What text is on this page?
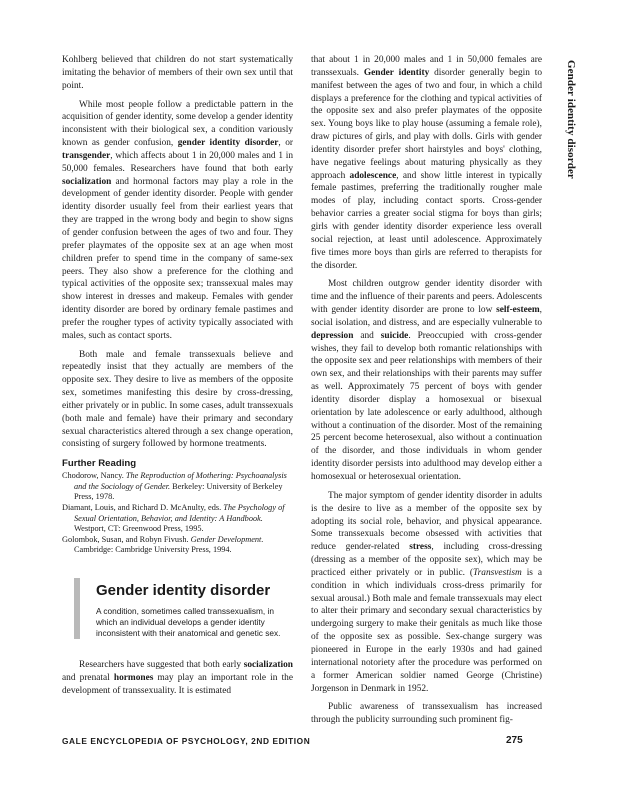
Kohlberg believed that children do not start systematically imitating the behavior of members of their own sex until that point.

While most people follow a predictable pattern in the acquisition of gender identity, some develop a gender identity inconsistent with their biological sex, a condition variously known as gender confusion, gender identity disorder, or transgender, which affects about 1 in 20,000 males and 1 in 50,000 females. Researchers have found that both early socialization and hormonal factors may play a role in the development of gender identity disorder. People with gender identity disorder usually feel from their earliest years that they are trapped in the wrong body and begin to show signs of gender confusion between the ages of two and four. They prefer playmates of the opposite sex at an age when most children prefer to spend time in the company of same-sex peers. They also show a preference for the clothing and typical activities of the opposite sex; transsexual males may show interest in dresses and makeup. Females with gender identity disorder are bored by ordinary female pastimes and prefer the rougher types of activity typically associated with males, such as contact sports.

Both male and female transsexuals believe and repeatedly insist that they actually are members of the opposite sex. They desire to live as members of the opposite sex, sometimes manifesting this desire by cross-dressing, either privately or in public. In some cases, adult transsexuals (both male and female) have their primary and secondary sexual characteristics altered through a sex change operation, consisting of surgery followed by hormone treatments.

Further Reading

Chodorow, Nancy. The Reproduction of Mothering: Psychoanalysis and the Sociology of Gender. Berkeley: University of Berkeley Press, 1978.

Diamant, Louis, and Richard D. McAnulty, eds. The Psychology of Sexual Orientation, Behavior, and Identity: A Handbook. Westport, CT: Greenwood Press, 1995.

Golombok, Susan, and Robyn Fivush. Gender Development. Cambridge: Cambridge University Press, 1994.

Gender identity disorder

A condition, sometimes called transsexualism, in which an individual develops a gender identity inconsistent with their anatomical and genetic sex.

Researchers have suggested that both early socialization and prenatal hormones may play an important role in the development of transsexuality. It is estimated

that about 1 in 20,000 males and 1 in 50,000 females are transsexuals. Gender identity disorder generally begin to manifest between the ages of two and four, in which a child displays a preference for the clothing and typical activities of the opposite sex and also prefer playmates of the opposite sex. Young boys like to play house (assuming a female role), draw pictures of girls, and play with dolls. Girls with gender identity disorder prefer short hairstyles and boys' clothing, have negative feelings about maturing physically as they approach adolescence, and show little interest in typically female pastimes, preferring the traditionally rougher male modes of play, including contact sports. Cross-gender behavior carries a greater social stigma for boys than girls; girls with gender identity disorder experience less overall social rejection, at least until adolescence. Approximately five times more boys than girls are referred to therapists for the disorder.

Most children outgrow gender identity disorder with time and the influence of their parents and peers. Adolescents with gender identity disorder are prone to low self-esteem, social isolation, and distress, and are especially vulnerable to depression and suicide. Preoccupied with cross-gender wishes, they fail to develop both romantic relationships with the opposite sex and peer relationships with members of their own sex, and their relationships with their parents may suffer as well. Approximately 75 percent of boys with gender identity disorder display a homosexual or bisexual orientation by late adolescence or early adulthood, although without a continuation of the disorder. Most of the remaining 25 percent become heterosexual, also without a continuation of the disorder, and those individuals in whom gender identity disorder persists into adulthood may develop either a homosexual or heterosexual orientation.

The major symptom of gender identity disorder in adults is the desire to live as a member of the opposite sex by adopting its social role, behavior, and physical appearance. Some transsexuals become obsessed with activities that reduce gender-related stress, including cross-dressing (dressing as a member of the opposite sex), which may be practiced either privately or in public. (Transvestism is a condition in which individuals cross-dress primarily for sexual arousal.) Both male and female transsexuals may elect to alter their primary and secondary sexual characteristics by undergoing surgery to make their genitals as much like those of the opposite sex as possible. Sex-change surgery was pioneered in Europe in the early 1930s and had gained international notoriety after the procedure was performed on a former American soldier named George (Christine) Jorgenson in Denmark in 1952.

Public awareness of transsexualism has increased through the publicity surrounding such prominent fig-

Gender identity disorder
GALE ENCYCLOPEDIA OF PSYCHOLOGY, 2ND EDITION	275
